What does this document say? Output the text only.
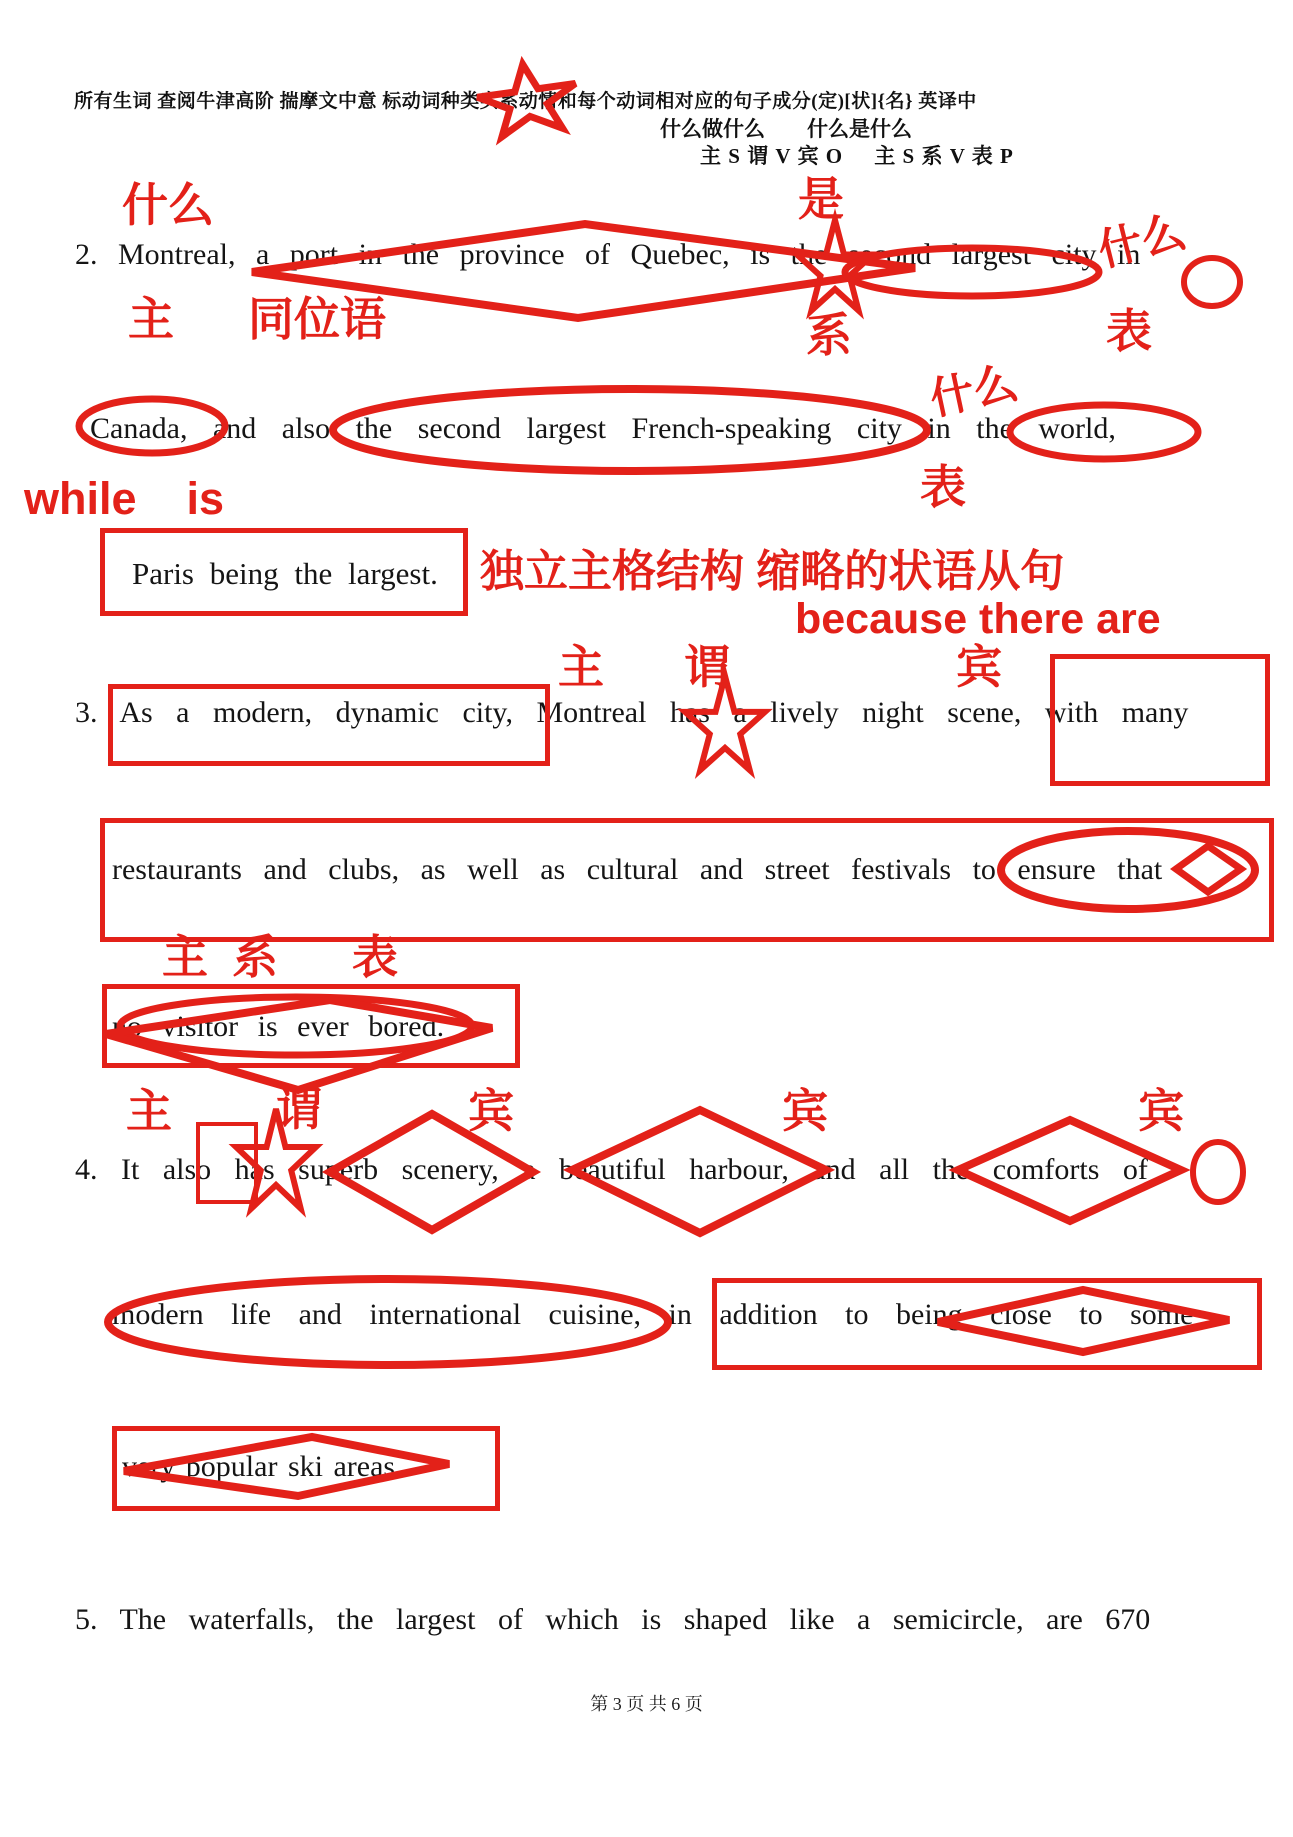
所有生词 查阅牛津高阶 揣摩文中意 标动词种类实系动情和每个动词相对应的句子成分(定)[状]{名} 英译中
什么做什么        什么是什么
主 S 谓 V 宾 O     主 S 系 V 表 P
2. Montreal, a port in the province of Quebec, is the second largest city in
Canada, and also the second largest French-speaking city in the world,
Paris being the largest.
什么	是
系
什么
主 同位语	表
什么
表
while    is
独立主格结构 缩略的状语从句
because there are
主 谓	宾
3. As a modern, dynamic city, Montreal has a lively night scene, with many
restaurants and clubs, as well as cultural and street festivals to ensure that
主 系 表
no visitor is ever bored.
主 谓	宾	宾	宾
4. It also has superb scenery, a beautiful harbour, and all the comforts of
modern life and international cuisine, in addition to being close to some
very popular ski areas.
5. The waterfalls, the largest of which is shaped like a semicircle, are 670
第 3 页 共 6 页
